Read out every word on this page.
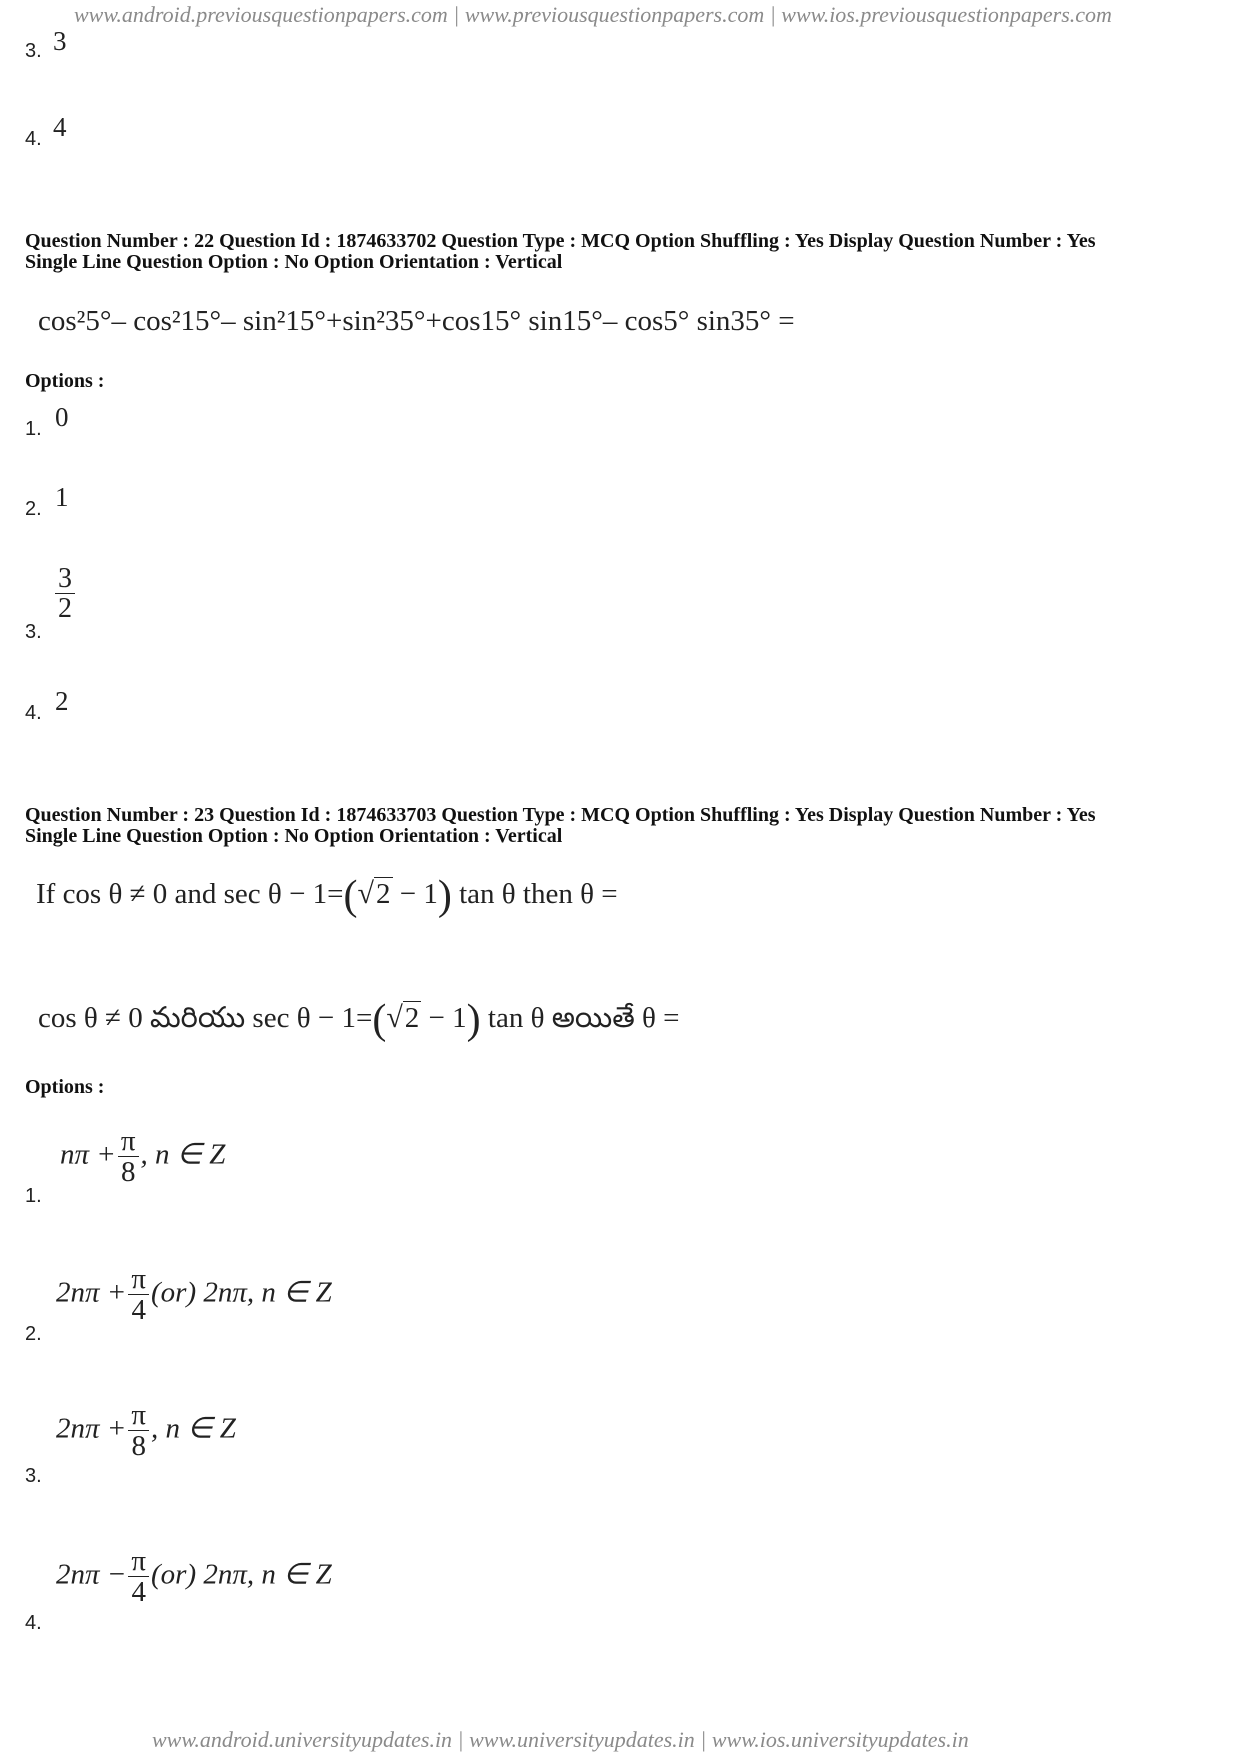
www.android.previousquestionpapers.com | www.previousquestionpapers.com | www.ios.previousquestionpapers.com
3. 3
4. 4
Question Number : 22 Question Id : 1874633702 Question Type : MCQ Option Shuffling : Yes Display Question Number : Yes
Single Line Question Option : No Option Orientation : Vertical
cos²5°– cos²15°– sin²15°+sin²35°+cos15° sin15°– cos5° sin35° =
Options :
1. 0
2. 1
3.
$\frac{3}{2}$
4. 2
Question Number : 23 Question Id : 1874633703 Question Type : MCQ Option Shuffling : Yes Display Question Number : Yes
Single Line Question Option : No Option Orientation : Vertical
If cos θ ≠ 0 and sec θ − 1=(√2 − 1) tan θ then θ =
cos θ ≠ 0 మరియు sec θ − 1=(√2 − 1) tan θ అయితే θ =
Options :
1.
$n\pi + \frac{\pi}{8}$ , n ∈ Z
2.
$2n\pi + \frac{\pi}{4} (or)$ 2nπ, n ∈ Z
3.
$2n\pi + \frac{\pi}{8}$ , n ∈ Z
4.
$2n\pi - \frac{\pi}{4} (or)$ 2nπ, n ∈ Z
www.android.universityupdates.in | www.universityupdates.in | www.ios.universityupdates.in
